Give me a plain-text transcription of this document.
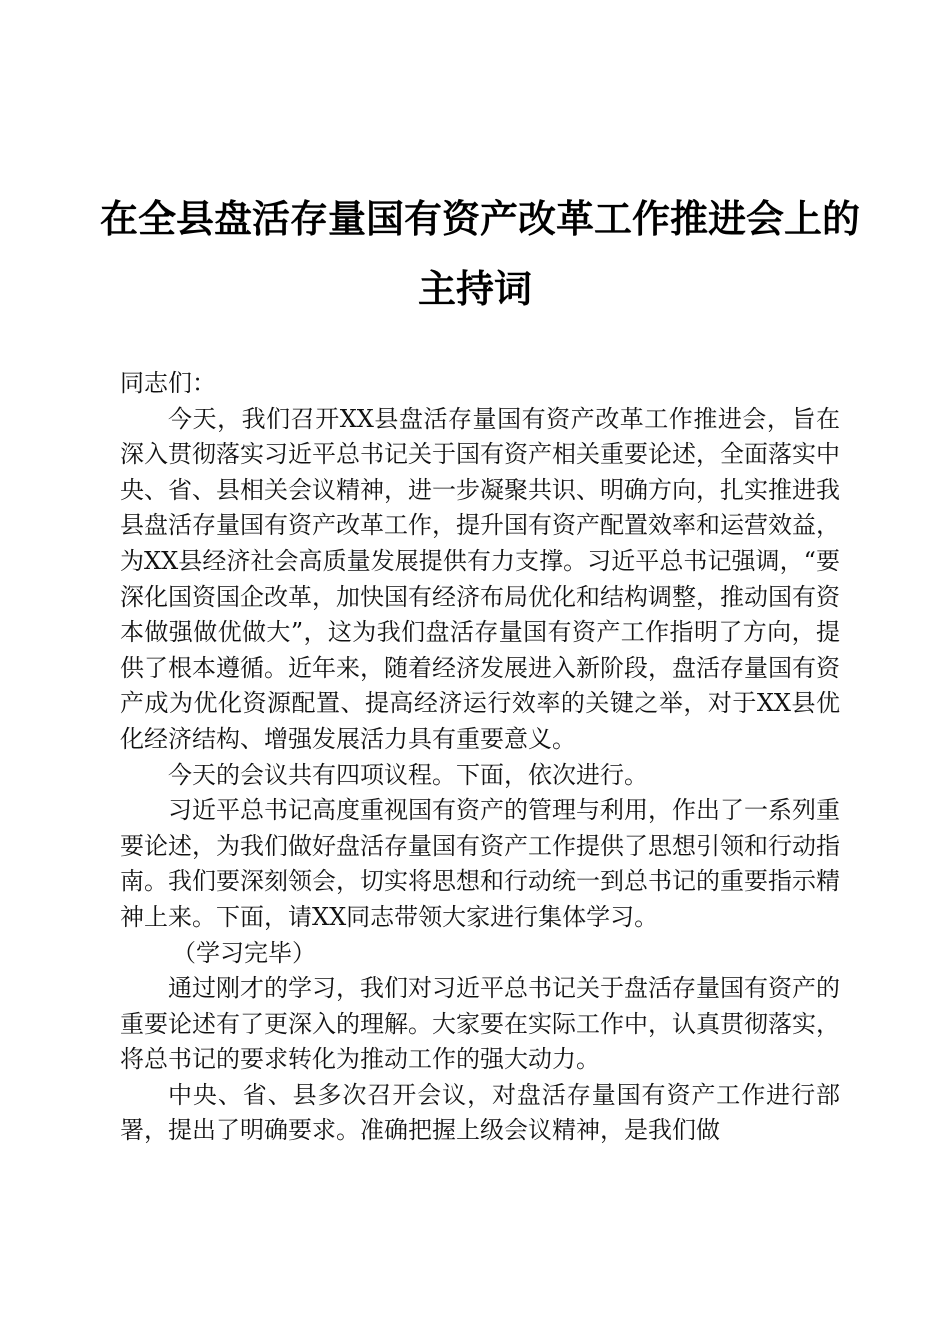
在全县盘活存量国有资产改革工作推进会上的
主持词

同志们：

今天，我们召开XX县盘活存量国有资产改革工作推进会，旨在深入贯彻落实习近平总书记关于国有资产相关重要论述，全面落实中央、省、县相关会议精神，进一步凝聚共识、明确方向，扎实推进我县盘活存量国有资产改革工作，提升国有资产配置效率和运营效益，为XX县经济社会高质量发展提供有力支撑。习近平总书记强调，“要深化国资国企改革，加快国有经济布局优化和结构调整，推动国有资本做强做优做大”，这为我们盘活存量国有资产工作指明了方向，提供了根本遵循。近年来，随着经济发展进入新阶段，盘活存量国有资产成为优化资源配置、提高经济运行效率的关键之举，对于XX县优化经济结构、增强发展活力具有重要意义。

今天的会议共有四项议程。下面，依次进行。

习近平总书记高度重视国有资产的管理与利用，作出了一系列重要论述，为我们做好盘活存量国有资产工作提供了思想引领和行动指南。我们要深刻领会，切实将思想和行动统一到总书记的重要指示精神上来。下面，请XX同志带领大家进行集体学习。

（学习完毕）

通过刚才的学习，我们对习近平总书记关于盘活存量国有资产的重要论述有了更深入的理解。大家要在实际工作中，认真贯彻落实，将总书记的要求转化为推动工作的强大动力。

中央、省、县多次召开会议，对盘活存量国有资产工作进行部署，提出了明确要求。准确把握上级会议精神，是我们做
